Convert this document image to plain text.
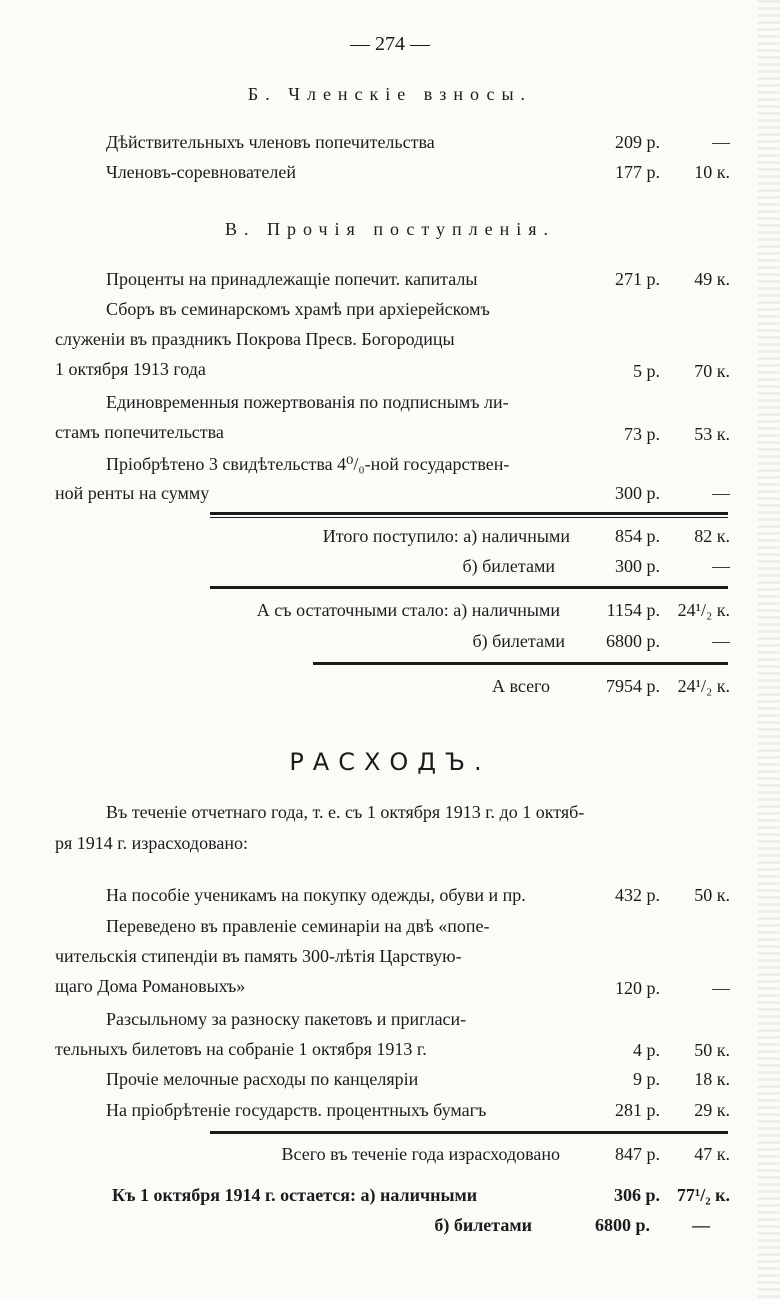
— 274 —
Б. Членскіе взносы.
Дѣйствительныхъ членовъ попечительства	209 р.	—
Членовъ-соревнователей	177 р.	10 к.
В. Прочія поступленія.
Проценты на принадлежащіе попечит. капиталы	271 р.	49 к.
Сборъ въ семинарскомъ храмѣ при архіерейскомъ
служеніи въ праздникъ Покрова Пресв. Богородицы
1 октября 1913 года	5 р.	70 к.
Единовременныя пожертвованія по подписнымъ ли-
стамъ попечительства	73 р.	53 к.
Пріобрѣтено 3 свидѣтельства 4⁰/₀-ной государствен-
ной ренты на сумму	300 р.	—
Итого поступило: а) наличными	854 р.	82 к.
б) билетами	300 р.	—
А съ остаточными стало: а) наличными	1154 р. 24¹/₂ к.
б) билетами	6800 р.	—
А всего	7954 р. 24¹/₂ к.
РАСХОДЪ.
Въ теченіе отчетнаго года, т. е. съ 1 октября 1913 г. до 1 октяб-
ря 1914 г. израсходовано:
На пособіе ученикамъ на покупку одежды, обуви и пр.	432 р.	50 к.
Переведено въ правленіе семинаріи на двѣ «попе-
чительскія стипендіи въ память 300-лѣтія Царствую-
щаго Дома Романовыхъ»	120 р.	—
Разсыльному за разноску пакетовъ и пригласи-
тельныхъ билетовъ на собраніе 1 октября 1913 г.	4 р.	50 к.
Прочіе мелочные расходы по канцеляріи	9 р.	18 к.
На пріобрѣтеніе государств. процентныхъ бумагъ	281 р.	29 к.
Всего въ теченіе года израсходовано	847 р.	47 к.
Къ 1 октября 1914 г. остается: а) наличными	306 р. 77¹/₂ к.
б) билетами	6800 р.	—
